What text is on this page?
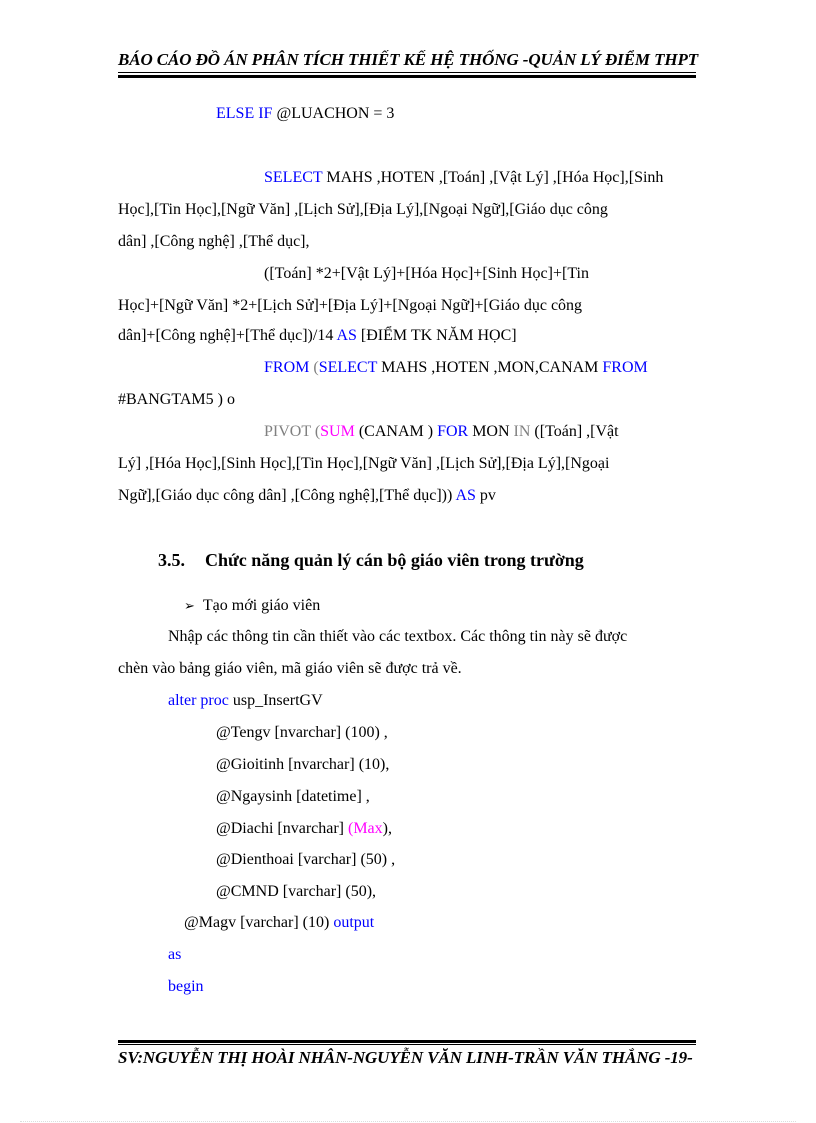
BÁO CÁO ĐỒ ÁN PHÂN TÍCH THIẾT KẾ HỆ THỐNG -QUẢN LÝ ĐIỂM THPT
ELSE IF @LUACHON = 3
SELECT MAHS ,HOTEN ,[Toán] ,[Vật Lý] ,[Hóa Học],[Sinh
Học],[Tin Học],[Ngữ Văn] ,[Lịch Sử],[Địa Lý],[Ngoại Ngữ],[Giáo dục công
dân] ,[Công nghệ] ,[Thể dục],
([Toán] *2+[Vật Lý]+[Hóa Học]+[Sinh Học]+[Tin
Học]+[Ngữ Văn] *2+[Lịch Sử]+[Địa Lý]+[Ngoại Ngữ]+[Giáo dục công
dân]+[Công nghệ]+[Thể dục])/14 AS [ĐIỂM TK NĂM HỌC]
FROM (SELECT MAHS ,HOTEN ,MON,CANAM FROM
#BANGTAM5 ) o
PIVOT (SUM (CANAM ) FOR MON IN ([Toán] ,[Vật
Lý] ,[Hóa Học],[Sinh Học],[Tin Học],[Ngữ Văn] ,[Lịch Sử],[Địa Lý],[Ngoại
Ngữ],[Giáo dục công dân] ,[Công nghệ],[Thể dục])) AS pv
3.5. Chức năng quản lý cán bộ giáo viên trong trường
➢ Tạo mới giáo viên
Nhập các thông tin cần thiết vào các textbox. Các thông tin này sẽ được
chèn vào bảng giáo viên, mã giáo viên sẽ được trả về.
alter proc usp_InsertGV
@Tengv [nvarchar] (100) ,
@Gioitinh [nvarchar] (10),
@Ngaysinh [datetime] ,
@Diachi [nvarchar] (Max),
@Dienthoai [varchar] (50) ,
@CMND [varchar] (50),
@Magv [varchar] (10) output
as
begin
SV:NGUYỄN THỊ HOÀI NHÂN-NGUYỄN VĂN LINH-TRẦN VĂN THẮNG -19-
